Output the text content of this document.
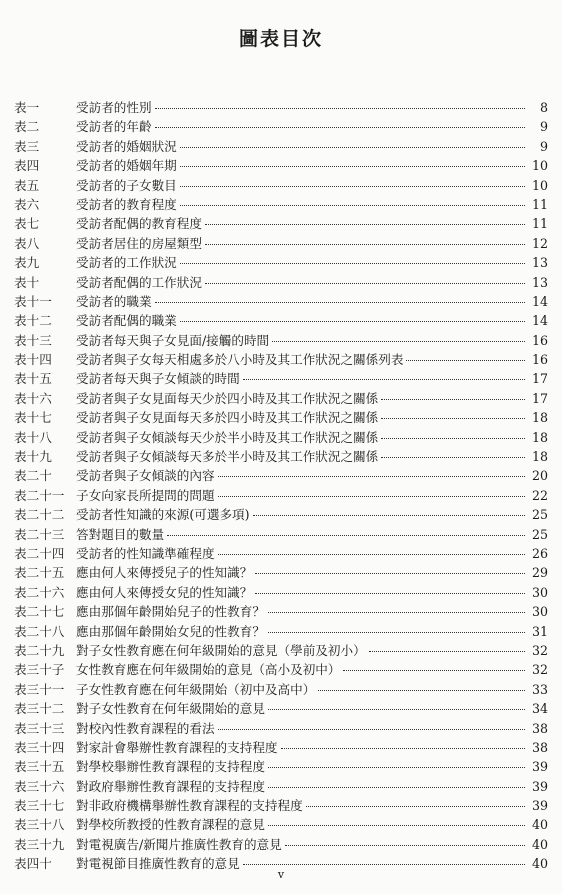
圖表目次
表一	受訪者的性別	8
表二	受訪者的年齡	9
表三	受訪者的婚姻狀況	9
表四	受訪者的婚姻年期	10
表五	受訪者的子女數目	10
表六	受訪者的教育程度	11
表七	受訪者配偶的教育程度	11
表八	受訪者居住的房屋類型	12
表九	受訪者的工作狀況	13
表十	受訪者配偶的工作狀況	13
表十一	受訪者的職業	14
表十二	受訪者配偶的職業	14
表十三	受訪者每天與子女見面/接觸的時間	16
表十四	受訪者與子女每天相處多於八小時及其工作狀況之關係列表	16
表十五	受訪者每天與子女傾談的時間	17
表十六	受訪者與子女見面每天少於四小時及其工作狀況之關係	17
表十七	受訪者與子女見面每天多於四小時及其工作狀況之關係	18
表十八	受訪者與子女傾談每天少於半小時及其工作狀況之關係	18
表十九	受訪者與子女傾談每天多於半小時及其工作狀況之關係	18
表二十	受訪者與子女傾談的內容	20
表二十一 子女向家長所提問的問題	22
表二十二 受訪者性知識的來源(可選多項)	25
表二十三 答對題目的數量	25
表二十四 受訪者的性知識準確程度	26
表二十五 應由何人來傳授兒子的性知識？	29
表二十六 應由何人來傳授女兒的性知識？	30
表二十七 應由那個年齡開始兒子的性教育？	30
表二十八 應由那個年齡開始女兒的性教育？	31
表二十九 對子女性教育應在何年級開始的意見（學前及初小）	32
表三十子 女性教育應在何年級開始的意見（高小及初中）	32
表三十一 子女性教育應在何年級開始（初中及高中）	33
表三十二 對子女性教育在何年級開始的意見	34
表三十三 對校內性教育課程的看法	38
表三十四 對家計會舉辦性教育課程的支持程度	38
表三十五 對學校舉辦性教育課程的支持程度	39
表三十六 對政府舉辦性教育課程的支持程度	39
表三十七 對非政府機構舉辦性教育課程的支持程度	39
表三十八 對學校所教授的性教育課程的意見	40
表三十九 對電視廣告/新聞片推廣性教育的意見	40
表四十	對電視節目推廣性教育的意見	40
v
